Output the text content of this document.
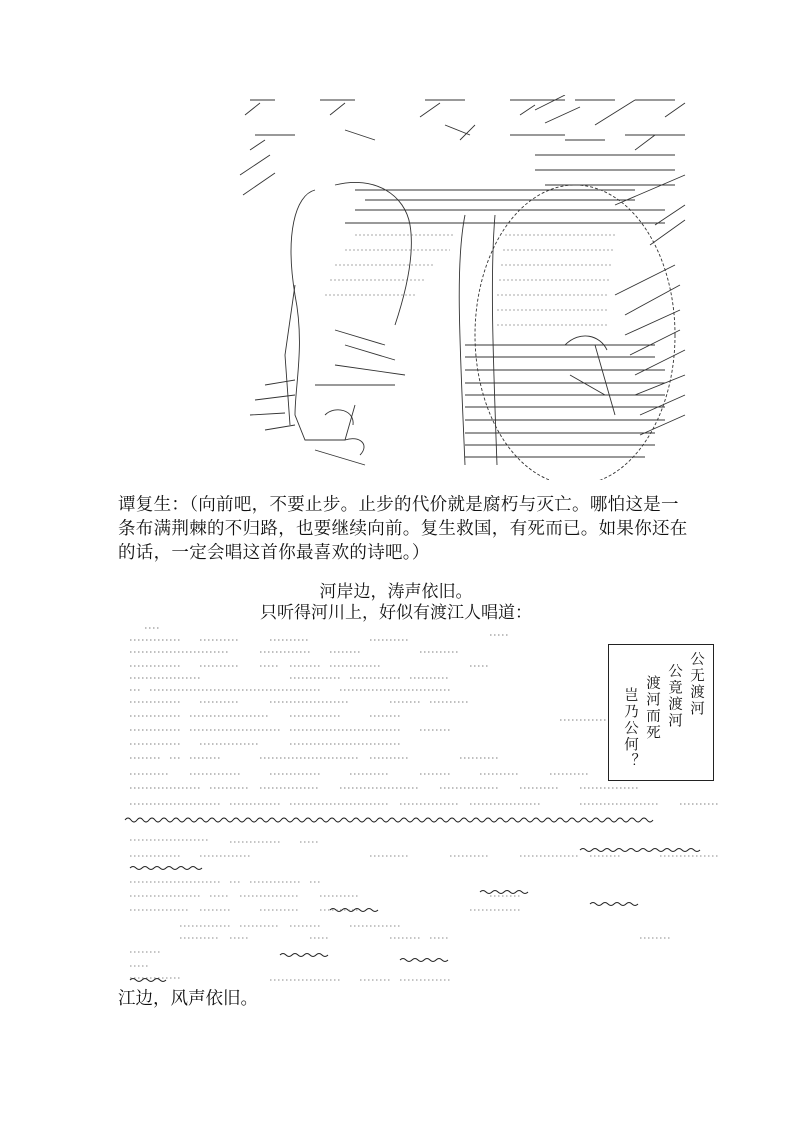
谭复生：（向前吧，不要止步。止步的代价就是腐朽与灭亡。哪怕这是一条布满荆棘的不归路，也要继续向前。复生救国，有死而已。如果你还在的话，一定会唱这首你最喜欢的诗吧。）

河岸边，涛声依旧。

只听得河川上，好似有渡江人唱道：

公无渡河

公竟渡河

渡河而死

岂乃公何？

江边，风声依旧。
